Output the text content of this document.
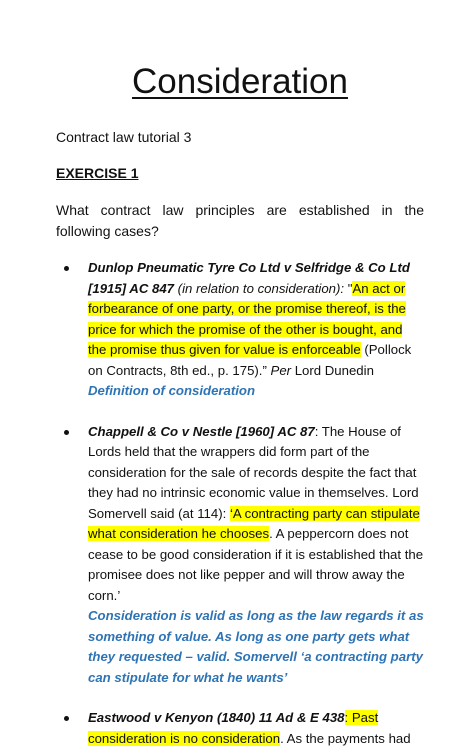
Consideration
Contract law tutorial 3
EXERCISE 1
What contract law principles are established in the following cases?
Dunlop Pneumatic Tyre Co Ltd v Selfridge & Co Ltd [1915] AC 847 (in relation to consideration): "An act or forbearance of one party, or the promise thereof, is the price for which the promise of the other is bought, and the promise thus given for value is enforceable (Pollock on Contracts, 8th ed., p. 175).” Per Lord Dunedin
Definition of consideration
Chappell & Co v Nestle [1960] AC 87: The House of Lords held that the wrappers did form part of the consideration for the sale of records despite the fact that they had no intrinsic economic value in themselves. Lord Somervell said (at 114): ‘A contracting party can stipulate what consideration he chooses. A peppercorn does not cease to be good consideration if it is established that the promisee does not like pepper and will throw away the corn.’
Consideration is valid as long as the law regards it as something of value. As long as one party gets what they requested – valid. Somervell ‘a contracting party can stipulate for what he wants’
Eastwood v Kenyon (1840) 11 Ad & E 438: Past consideration is no consideration. As the payments had
